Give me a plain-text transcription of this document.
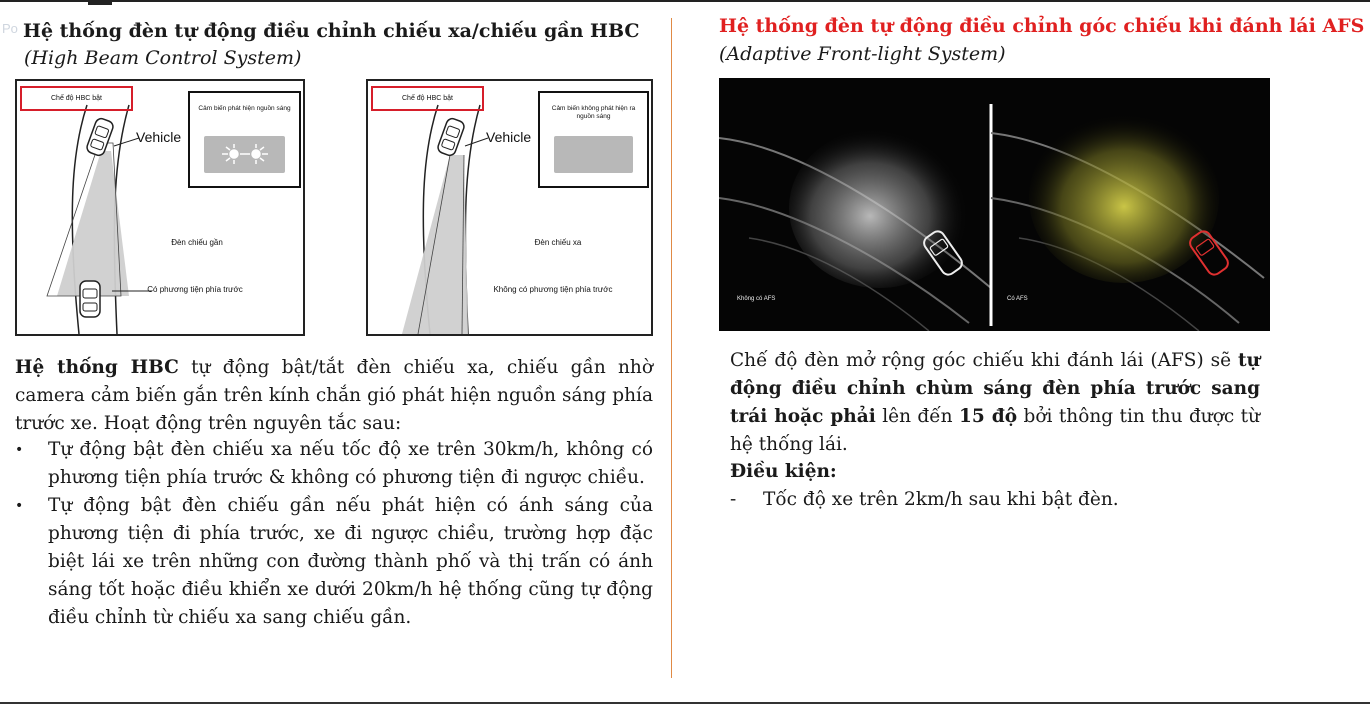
Po Hệ thống đèn tự động điều chỉnh chiếu xa/chiếu gần HBC
(High Beam Control System)
Chế độ HBC bật
Cảm biến phát hiện nguồn sáng
Vehicle
Đèn chiếu gần
Có phương tiện phía trước
Chế độ HBC bật
Cảm biến không phát hiện ra nguồn sáng
Vehicle
Đèn chiếu xa
Không có phương tiện phía trước
Hệ thống HBC tự động bật/tắt đèn chiếu xa, chiếu gần nhờ camera cảm biến gắn trên kính chắn gió phát hiện nguồn sáng phía trước xe. Hoạt động trên nguyên tắc sau:
• Tự động bật đèn chiếu xa nếu tốc độ xe trên 30km/h, không có phương tiện phía trước & không có phương tiện đi ngược chiều.
• Tự động bật đèn chiếu gần nếu phát hiện có ánh sáng của phương tiện đi phía trước, xe đi ngược chiều, trường hợp đặc biệt lái xe trên những con đường thành phố và thị trấn có ánh sáng tốt hoặc điều khiển xe dưới 20km/h hệ thống cũng tự động điều chỉnh từ chiếu xa sang chiếu gần.
Hệ thống đèn tự động điều chỉnh góc chiếu khi đánh lái AFS
(Adaptive Front-light System)
Không có AFS	Có AFS
Chế độ đèn mở rộng góc chiếu khi đánh lái (AFS) sẽ tự động điều chỉnh chùm sáng đèn phía trước sang trái hoặc phải lên đến 15 độ bởi thông tin thu được từ hệ thống lái.
Điều kiện:
- Tốc độ xe trên 2km/h sau khi bật đèn.
